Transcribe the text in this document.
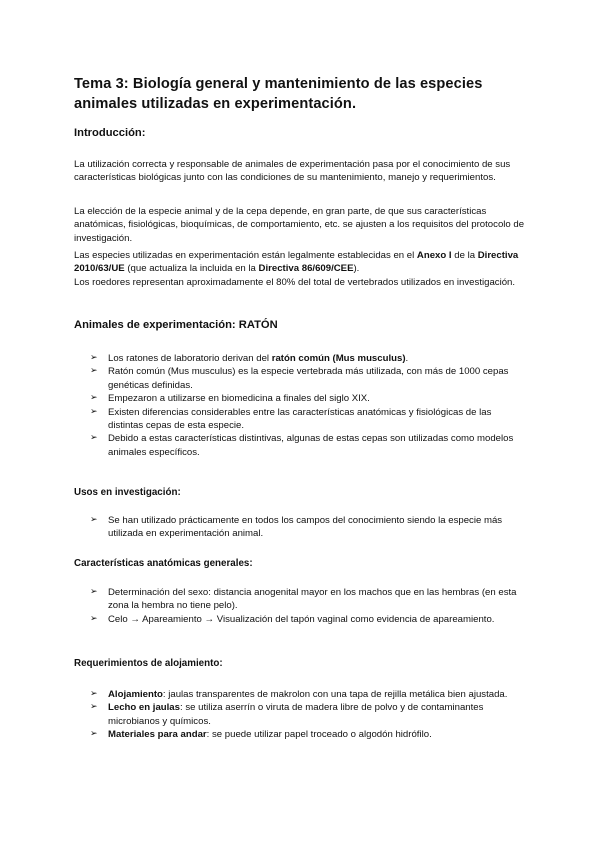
Tema 3: Biología general y mantenimiento de las especies animales utilizadas en experimentación.
Introducción:
La utilización correcta y responsable de animales de experimentación pasa por el conocimiento de sus características biológicas junto con las condiciones de su mantenimiento, manejo y requerimientos.
La elección de la especie animal y de la cepa depende, en gran parte, de que sus características anatómicas, fisiológicas, bioquímicas, de comportamiento, etc. se ajusten a los requisitos del protocolo de investigación.
Las especies utilizadas en experimentación están legalmente establecidas en el Anexo I de la Directiva 2010/63/UE (que actualiza la incluida en la Directiva 86/609/CEE).
Los roedores representan aproximadamente el 80% del total de vertebrados utilizados en investigación.
Animales de experimentación: RATÓN
➢ Los ratones de laboratorio derivan del ratón común (Mus musculus).
➢ Ratón común (Mus musculus) es la especie vertebrada más utilizada, con más de 1000 cepas genéticas definidas.
➢ Empezaron a utilizarse en biomedicina a finales del siglo XIX.
➢ Existen diferencias considerables entre las características anatómicas y fisiológicas de las distintas cepas de esta especie.
➢ Debido a estas características distintivas, algunas de estas cepas son utilizadas como modelos animales específicos.
Usos en investigación:
➢ Se han utilizado prácticamente en todos los campos del conocimiento siendo la especie más utilizada en experimentación animal.
Características anatómicas generales:
➢ Determinación del sexo: distancia anogenital mayor en los machos que en las hembras (en esta zona la hembra no tiene pelo).
➢ Celo → Apareamiento → Visualización del tapón vaginal como evidencia de apareamiento.
Requerimientos de alojamiento:
➢ Alojamiento: jaulas transparentes de makrolon con una tapa de rejilla metálica bien ajustada.
➢ Lecho en jaulas: se utiliza aserrín o viruta de madera libre de polvo y de contaminantes microbianos y químicos.
➢ Materiales para andar: se puede utilizar papel troceado o algodón hidrófilo.
